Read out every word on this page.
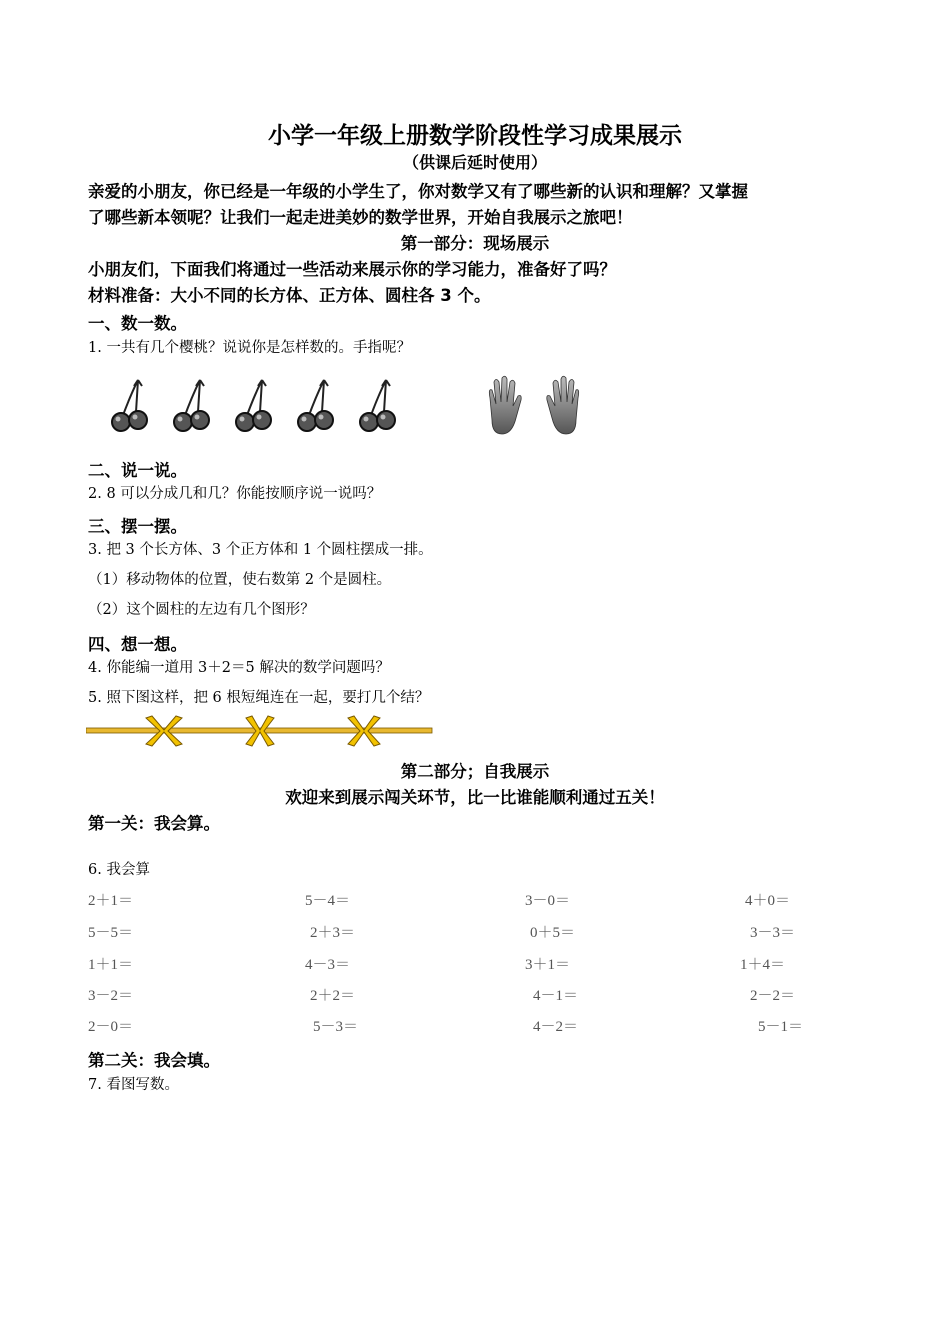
小学一年级上册数学阶段性学习成果展示
（供课后延时使用）
亲爱的小朋友，你已经是一年级的小学生了，你对数学又有了哪些新的认识和理解？又掌握
了哪些新本领呢？让我们一起走进美妙的数学世界，开始自我展示之旅吧！
第一部分：现场展示
小朋友们，下面我们将通过一些活动来展示你的学习能力，准备好了吗？
材料准备：大小不同的长方体、正方体、圆柱各 3 个。
一、数一数。
1. 一共有几个樱桃？说说你是怎样数的。手指呢？
二、说一说。
2. 8 可以分成几和几？你能按顺序说一说吗？
三、摆一摆。
3. 把 3 个长方体、3 个正方体和 1 个圆柱摆成一排。
（1）移动物体的位置，使右数第 2 个是圆柱。
（2）这个圆柱的左边有几个图形？
四、想一想。
4. 你能编一道用 3＋2＝5 解决的数学问题吗？
5. 照下图这样，把 6 根短绳连在一起，要打几个结？
第二部分；自我展示
欢迎来到展示闯关环节，比一比谁能顺利通过五关！
第一关：我会算。
6. 我会算
2＋1＝	5－4＝	3－0＝	4＋0＝
5－5＝	2＋3＝	0＋5＝	3－3＝
1＋1＝	4－3＝	3＋1＝	1＋4＝
3－2＝	2＋2＝	4－1＝	2－2＝
2－0＝	5－3＝	4－2＝	5－1＝
第二关：我会填。
7. 看图写数。
